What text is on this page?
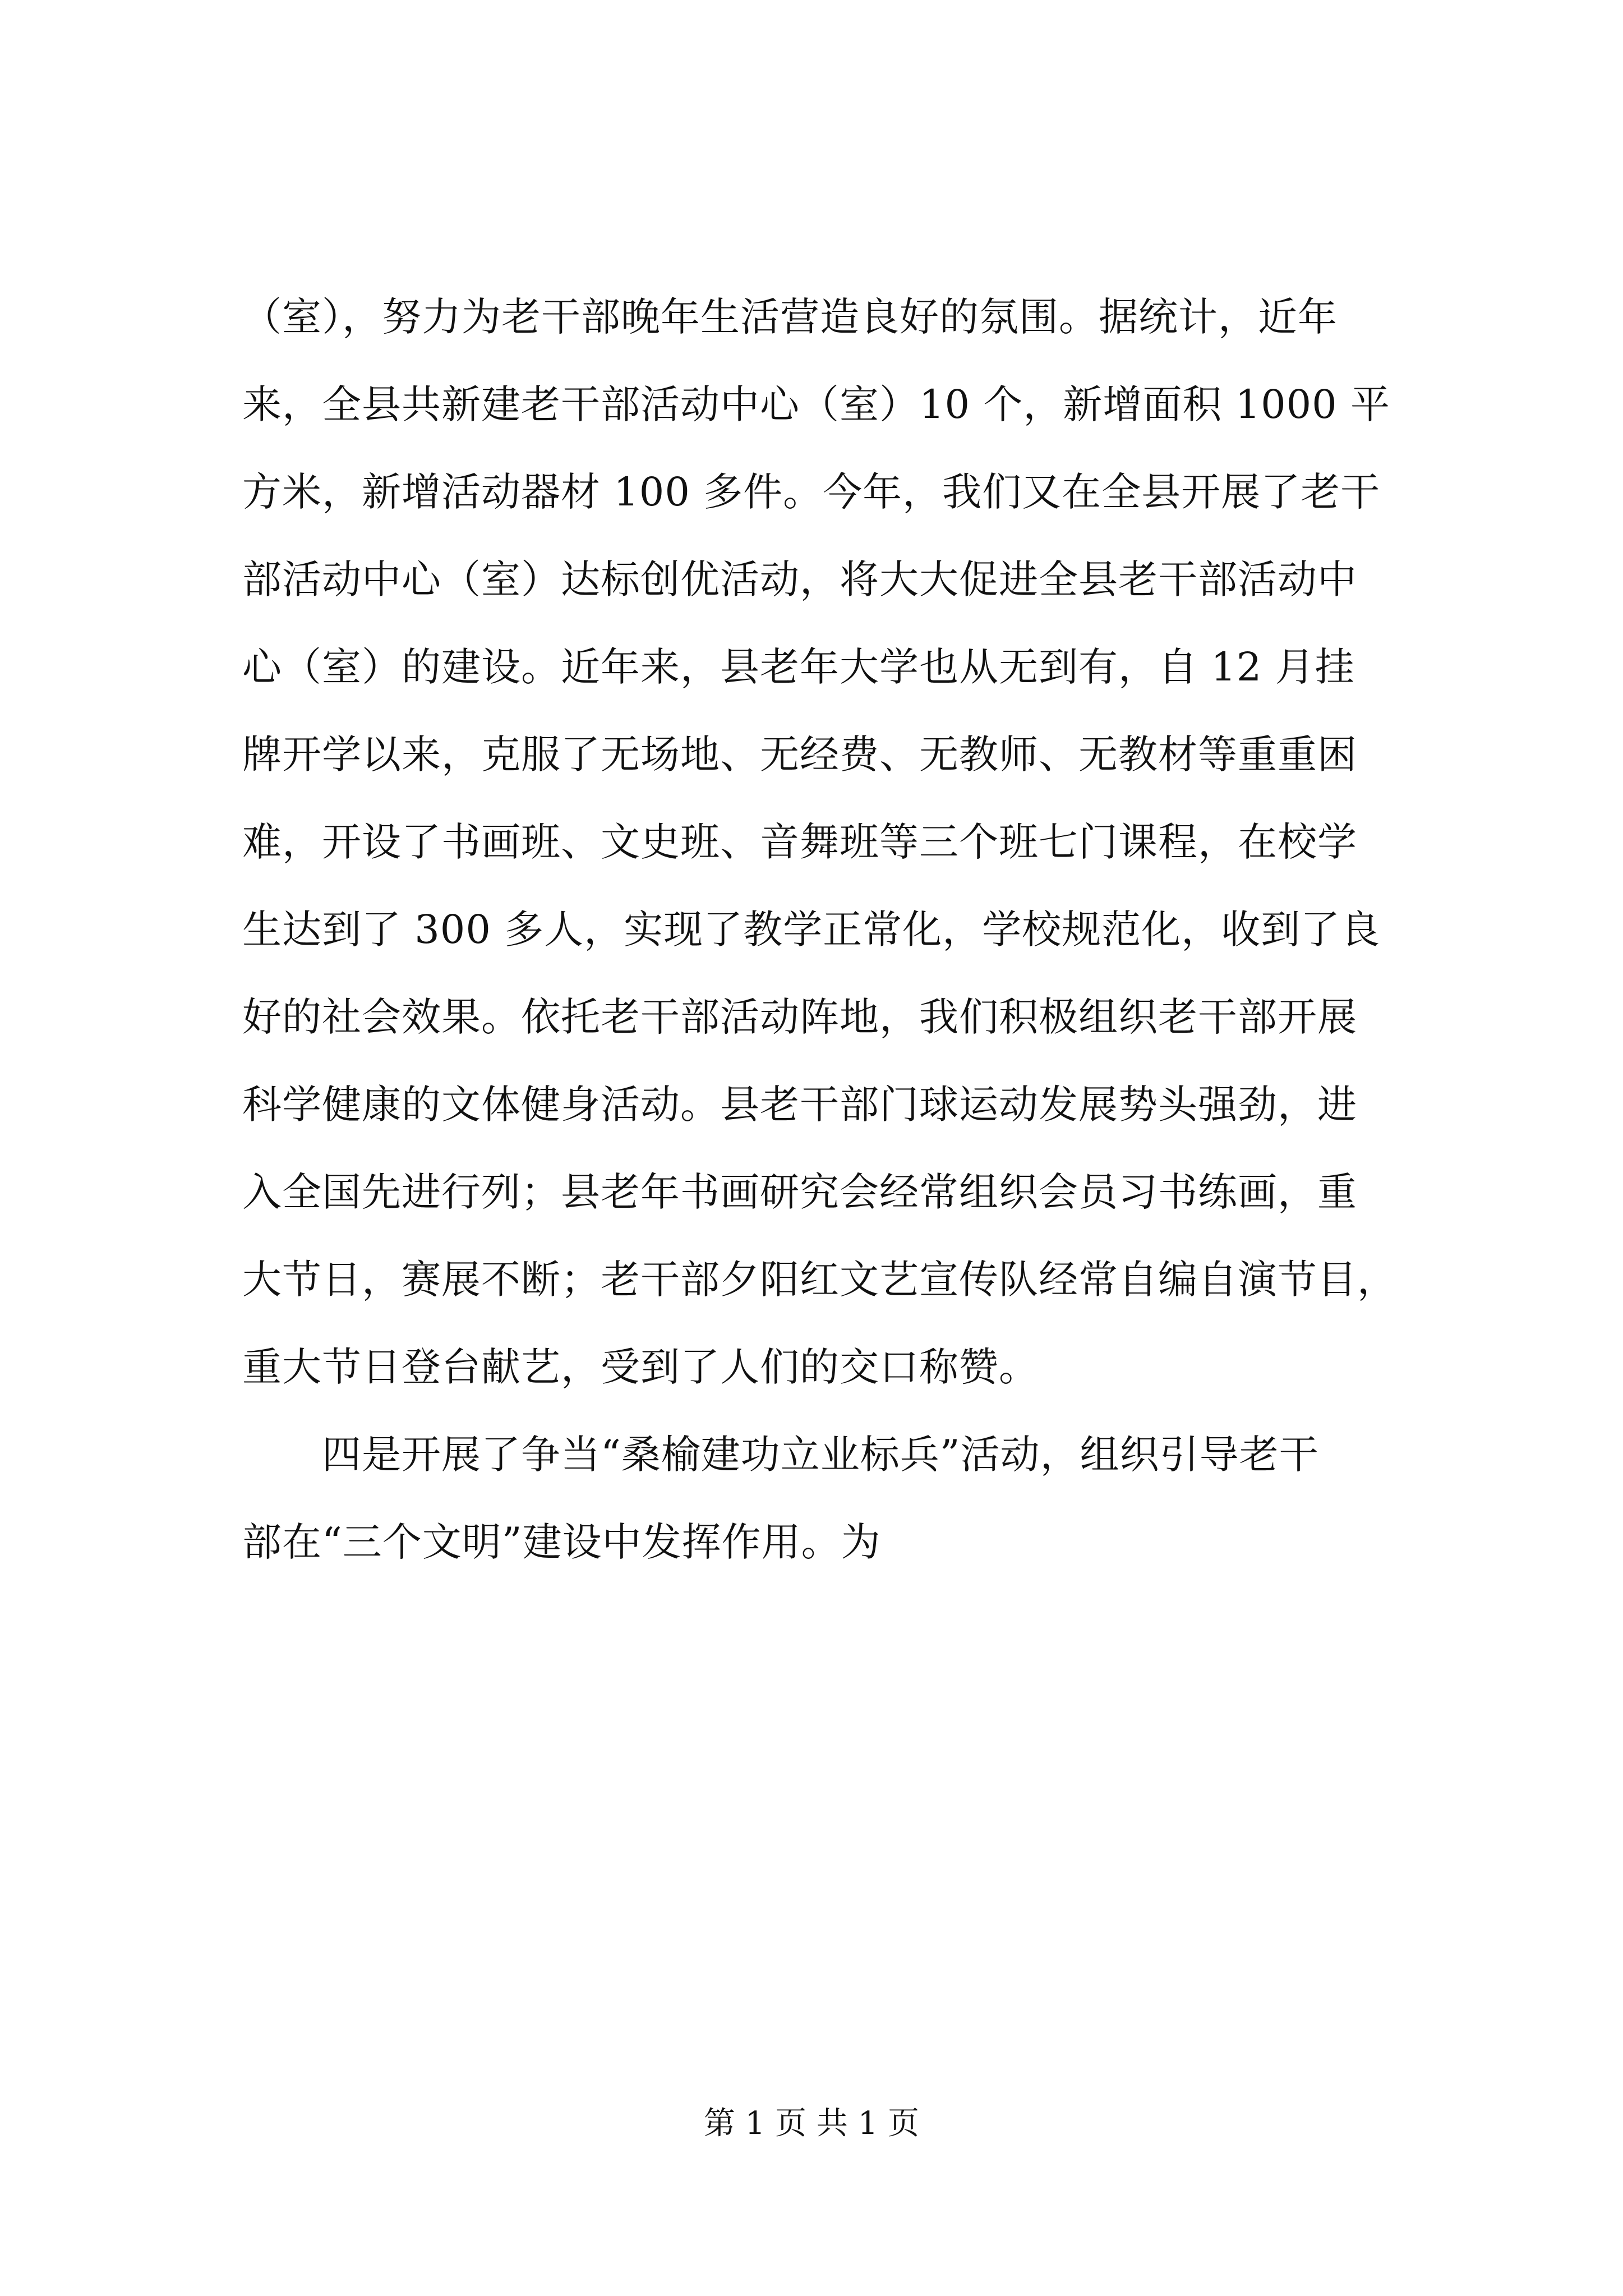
（室），努力为老干部晚年生活营造良好的氛围。据统计，近年
来，全县共新建老干部活动中心（室）10 个，新增面积 1000 平
方米，新增活动器材 100 多件。今年，我们又在全县开展了老干
部活动中心（室）达标创优活动，将大大促进全县老干部活动中
心（室）的建设。近年来，县老年大学也从无到有，自 12 月挂
牌开学以来，克服了无场地、无经费、无教师、无教材等重重困
难，开设了书画班、文史班、音舞班等三个班七门课程，在校学
生达到了 300 多人，实现了教学正常化，学校规范化，收到了良
好的社会效果。依托老干部活动阵地，我们积极组织老干部开展
科学健康的文体健身活动。县老干部门球运动发展势头强劲，进
入全国先进行列；县老年书画研究会经常组织会员习书练画，重
大节日，赛展不断；老干部夕阳红文艺宣传队经常自编自演节目，
重大节日登台献艺，受到了人们的交口称赞。
　　四是开展了争当“桑榆建功立业标兵”活动，组织引导老干
部在“三个文明”建设中发挥作用。为
第 1 页 共 1 页
